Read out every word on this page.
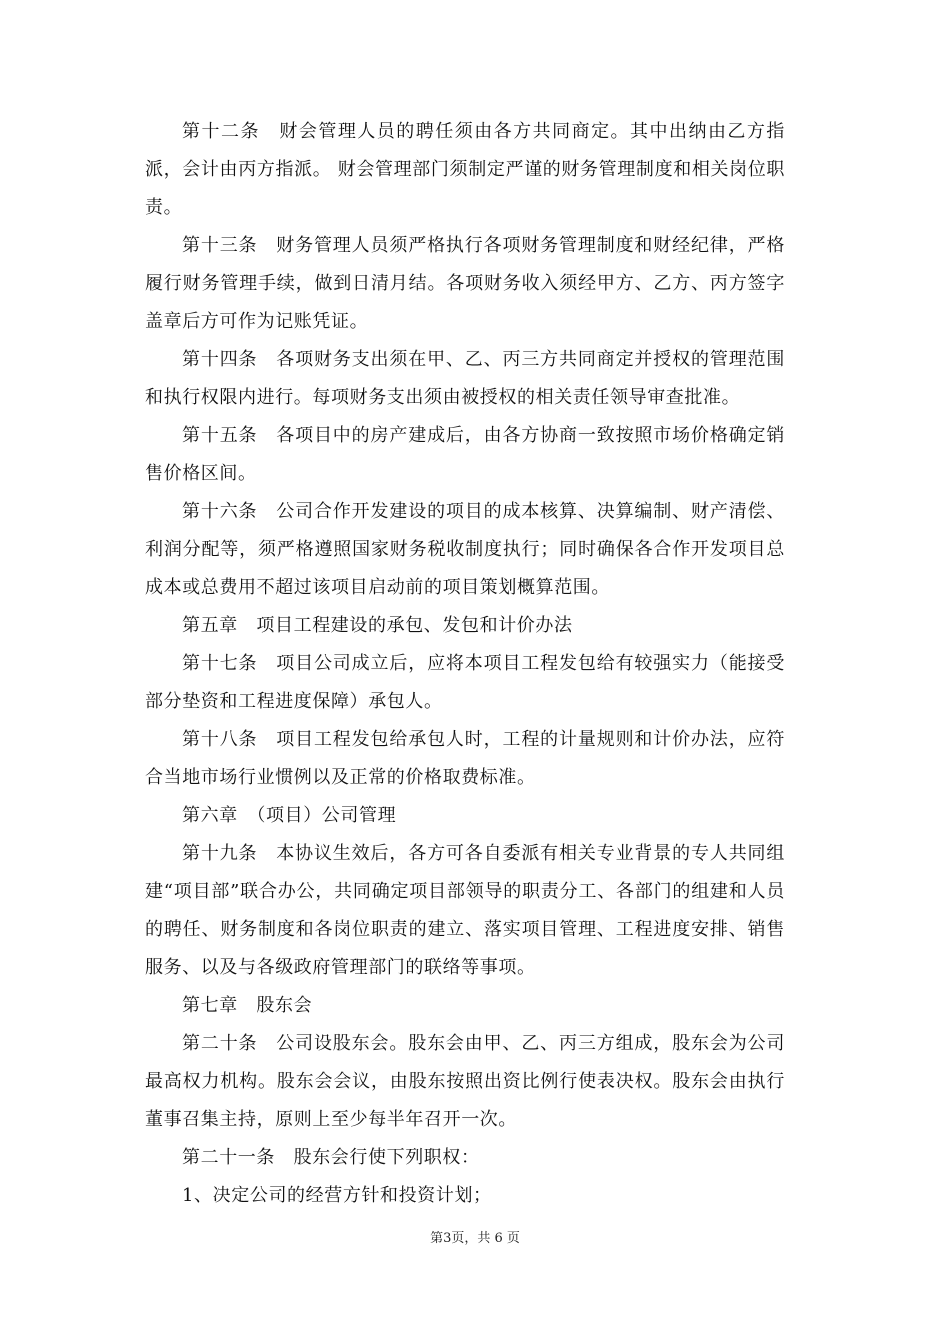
第十二条　财会管理人员的聘任须由各方共同商定。其中出纳由乙方指派，会计由丙方指派。 财会管理部门须制定严谨的财务管理制度和相关岗位职责。

第十三条　财务管理人员须严格执行各项财务管理制度和财经纪律，严格履行财务管理手续，做到日清月结。各项财务收入须经甲方、乙方、丙方签字盖章后方可作为记账凭证。

第十四条　各项财务支出须在甲、乙、丙三方共同商定并授权的管理范围和执行权限内进行。每项财务支出须由被授权的相关责任领导审查批准。

第十五条　各项目中的房产建成后，由各方协商一致按照市场价格确定销售价格区间。

第十六条　公司合作开发建设的项目的成本核算、决算编制、财产清偿、利润分配等，须严格遵照国家财务税收制度执行；同时确保各合作开发项目总成本或总费用不超过该项目启动前的项目策划概算范围。

第五章　项目工程建设的承包、发包和计价办法

第十七条　项目公司成立后，应将本项目工程发包给有较强实力（能接受部分垫资和工程进度保障）承包人。

第十八条　项目工程发包给承包人时，工程的计量规则和计价办法，应符合当地市场行业惯例以及正常的价格取费标准。

第六章　（项目）公司管理

第十九条　本协议生效后，各方可各自委派有相关专业背景的专人共同组建“项目部”联合办公，共同确定项目部领导的职责分工、各部门的组建和人员的聘任、财务制度和各岗位职责的建立、落实项目管理、工程进度安排、销售服务、以及与各级政府管理部门的联络等事项。

第七章　股东会

第二十条　公司设股东会。股东会由甲、乙、丙三方组成，股东会为公司最高权力机构。股东会会议，由股东按照出资比例行使表决权。股东会由执行董事召集主持，原则上至少每半年召开一次。

第二十一条　股东会行使下列职权：

1、决定公司的经营方针和投资计划；

第3页，共 6 页
